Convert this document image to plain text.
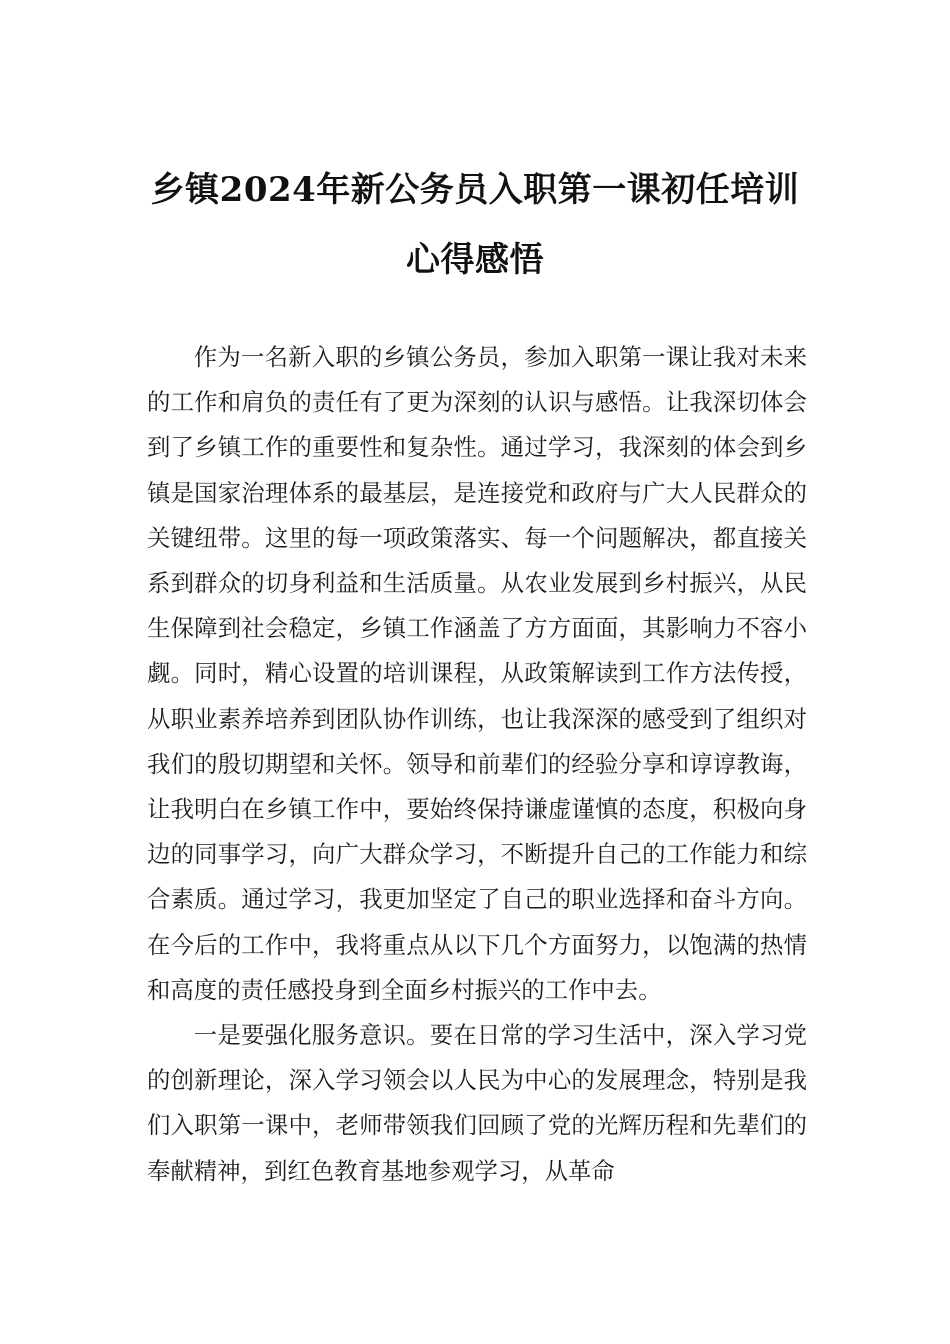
乡镇2024年新公务员入职第一课初任培训
心得感悟

作为一名新入职的乡镇公务员，参加入职第一课让我对未来的工作和肩负的责任有了更为深刻的认识与感悟。让我深切体会到了乡镇工作的重要性和复杂性。通过学习，我深刻的体会到乡镇是国家治理体系的最基层，是连接党和政府与广大人民群众的关键纽带。这里的每一项政策落实、每一个问题解决，都直接关系到群众的切身利益和生活质量。从农业发展到乡村振兴，从民生保障到社会稳定，乡镇工作涵盖了方方面面，其影响力不容小觑。同时，精心设置的培训课程，从政策解读到工作方法传授，从职业素养培养到团队协作训练，也让我深深的感受到了组织对我们的殷切期望和关怀。领导和前辈们的经验分享和谆谆教诲，让我明白在乡镇工作中，要始终保持谦虚谨慎的态度，积极向身边的同事学习，向广大群众学习，不断提升自己的工作能力和综合素质。通过学习，我更加坚定了自己的职业选择和奋斗方向。在今后的工作中，我将重点从以下几个方面努力，以饱满的热情和高度的责任感投身到全面乡村振兴的工作中去。

一是要强化服务意识。要在日常的学习生活中，深入学习党的创新理论，深入学习领会以人民为中心的发展理念，特别是我们入职第一课中，老师带领我们回顾了党的光辉历程和先辈们的奉献精神，到红色教育基地参观学习，从革命
